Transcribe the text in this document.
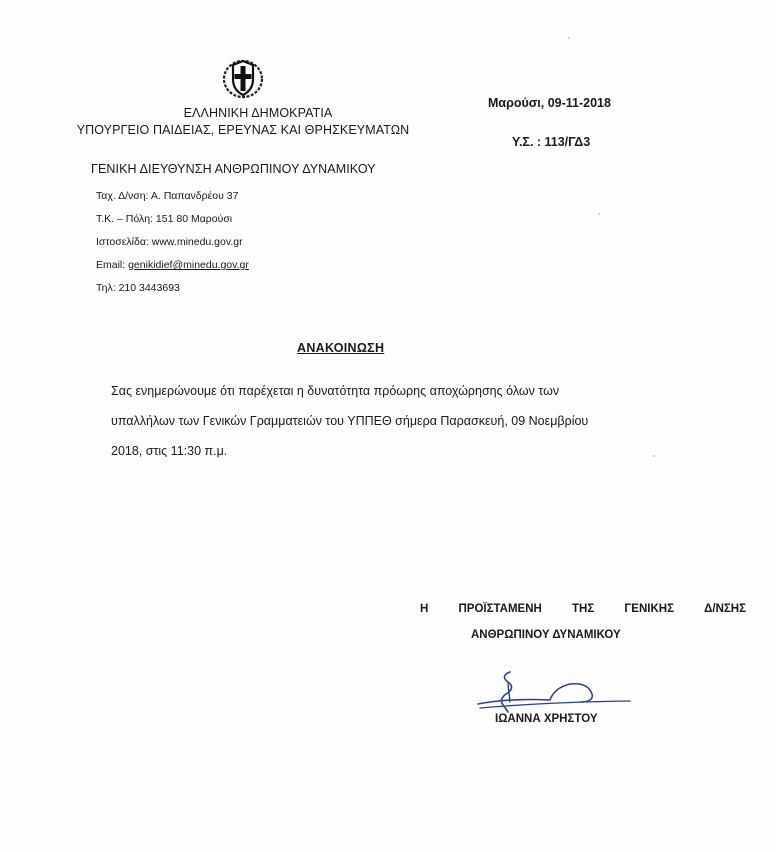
ΕΛΛΗΝΙΚΗ ΔΗΜΟΚΡΑΤΙΑ
ΥΠΟΥΡΓΕΙΟ ΠΑΙΔΕΙΑΣ, ΕΡΕΥΝΑΣ ΚΑΙ ΘΡΗΣΚΕΥΜΑΤΩΝ
ΓΕΝΙΚΗ ΔΙΕΥΘΥΝΣΗ ΑΝΘΡΩΠΙΝΟΥ ΔΥΝΑΜΙΚΟΥ
Ταχ. Δ/νση: Α. Παπανδρέου 37
Τ.Κ. – Πόλη: 151 80 Μαρούσι
Ιστοσελίδα: www.minedu.gov.gr
Email: genikidief@minedu.gov.gr
Τηλ: 210 3443693
Μαρούσι, 09-11-2018
Υ.Σ. : 113/ΓΔ3
ΑΝΑΚΟΙΝΩΣΗ
Σας ενημερώνουμε ότι παρέχεται η δυνατότητα πρόωρης αποχώρησης όλων των
υπαλλήλων των Γενικών Γραμματειών του ΥΠΠΕΘ σήμερα Παρασκευή, 09 Νοεμβρίου
2018, στις 11:30 π.μ.
Η	ΠΡΟΪΣΤΑΜΕΝΗ	ΤΗΣ	ΓΕΝΙΚΗΣ	Δ/ΝΣΗΣ
ΑΝΘΡΩΠΙΝΟΥ ΔΥΝΑΜΙΚΟΥ
ΙΩΑΝΝΑ ΧΡΗΣΤΟΥ
